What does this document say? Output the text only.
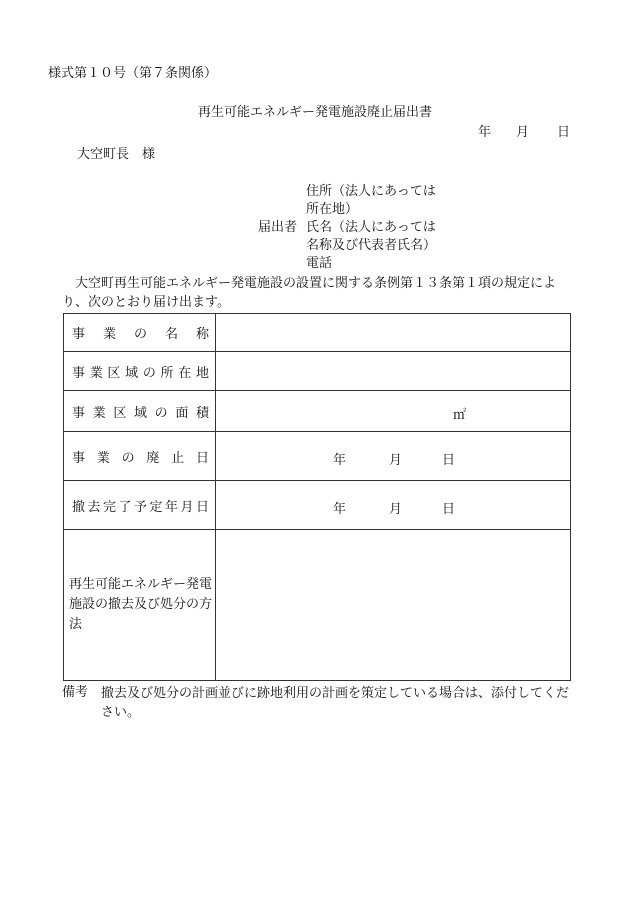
様式第１０号（第７条関係）
再生可能エネルギー発電施設廃止届出書
年 月 日
大空町長　様
届出者
住所（法人にあっては
所在地）
氏名（法人にあっては
名称及び代表者氏名）
電話
大空町再生可能エネルギー発電施設の設置に関する条例第１３条第１項の規定により、次のとおり届け出ます。
事業の名称	
事業区域の所在地	
事業区域の面積	㎡

事業の廃止日	年 月 日

撤去完了予定年月日	年 月 日

再生可能エネルギー発電施設の撤去及び処分の方法	
備考 撤去及び処分の計画並びに跡地利用の計画を策定している場合は、添付してください。
